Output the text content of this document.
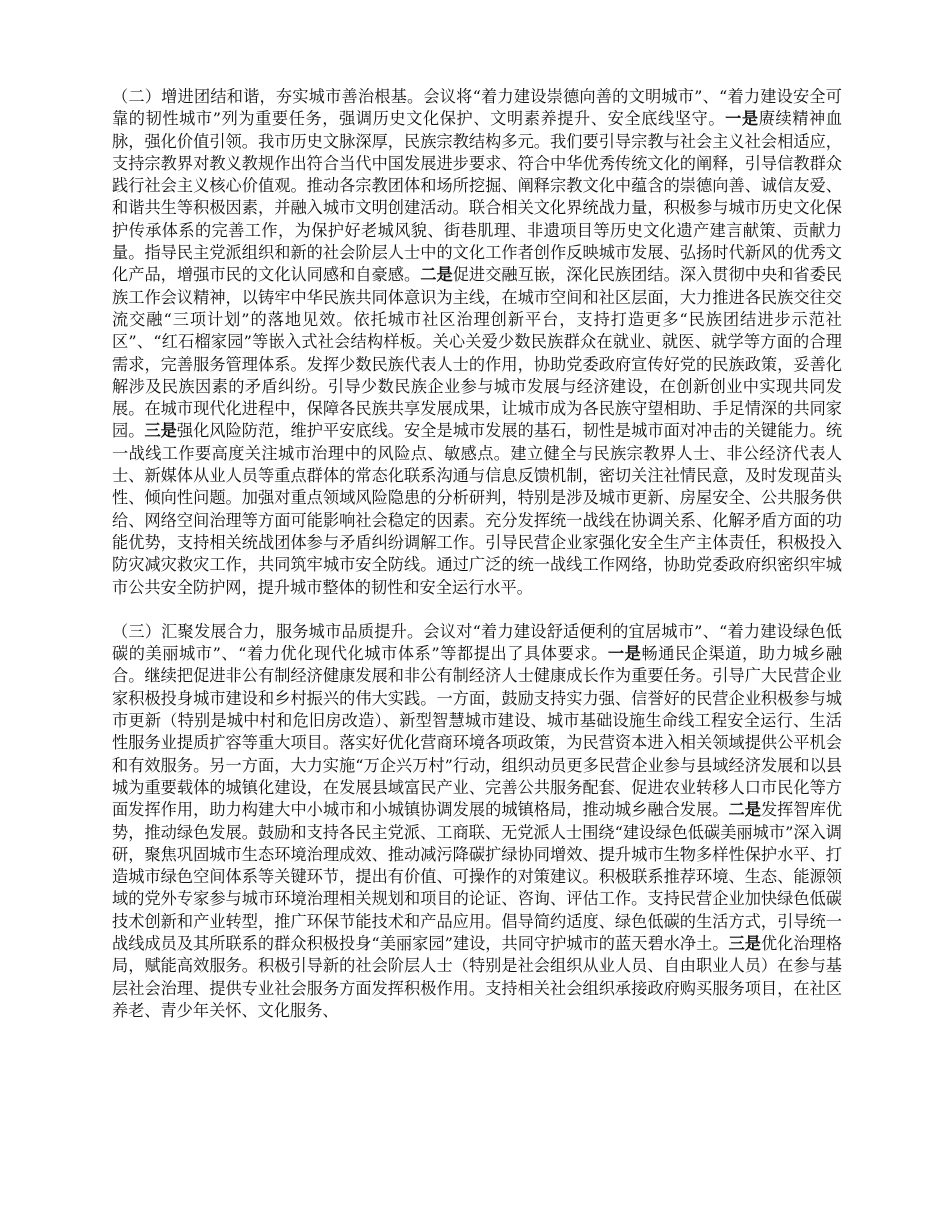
（二）增进团结和谐，夯实城市善治根基。会议将“着力建设崇德向善的文明城市”、“着力建设安全可靠的韧性城市”列为重要任务，强调历史文化保护、文明素养提升、安全底线坚守。一是赓续精神血脉，强化价值引领。我市历史文脉深厚，民族宗教结构多元。我们要引导宗教与社会主义社会相适应，支持宗教界对教义教规作出符合当代中国发展进步要求、符合中华优秀传统文化的阐释，引导信教群众践行社会主义核心价值观。推动各宗教团体和场所挖掘、阐释宗教文化中蕴含的崇德向善、诚信友爱、和谐共生等积极因素，并融入城市文明创建活动。联合相关文化界统战力量，积极参与城市历史文化保护传承体系的完善工作，为保护好老城风貌、街巷肌理、非遗项目等历史文化遗产建言献策、贡献力量。指导民主党派组织和新的社会阶层人士中的文化工作者创作反映城市发展、弘扬时代新风的优秀文化产品，增强市民的文化认同感和自豪感。二是促进交融互嵌，深化民族团结。深入贯彻中央和省委民族工作会议精神，以铸牢中华民族共同体意识为主线，在城市空间和社区层面，大力推进各民族交往交流交融“三项计划”的落地见效。依托城市社区治理创新平台，支持打造更多“民族团结进步示范社区”、“红石榴家园”等嵌入式社会结构样板。关心关爱少数民族群众在就业、就医、就学等方面的合理需求，完善服务管理体系。发挥少数民族代表人士的作用，协助党委政府宣传好党的民族政策，妥善化解涉及民族因素的矛盾纠纷。引导少数民族企业参与城市发展与经济建设，在创新创业中实现共同发展。在城市现代化进程中，保障各民族共享发展成果，让城市成为各民族守望相助、手足情深的共同家园。三是强化风险防范，维护平安底线。安全是城市发展的基石，韧性是城市面对冲击的关键能力。统一战线工作要高度关注城市治理中的风险点、敏感点。建立健全与民族宗教界人士、非公经济代表人士、新媒体从业人员等重点群体的常态化联系沟通与信息反馈机制，密切关注社情民意，及时发现苗头性、倾向性问题。加强对重点领域风险隐患的分析研判，特别是涉及城市更新、房屋安全、公共服务供给、网络空间治理等方面可能影响社会稳定的因素。充分发挥统一战线在协调关系、化解矛盾方面的功能优势，支持相关统战团体参与矛盾纠纷调解工作。引导民营企业家强化安全生产主体责任，积极投入防灾减灾救灾工作，共同筑牢城市安全防线。通过广泛的统一战线工作网络，协助党委政府织密织牢城市公共安全防护网，提升城市整体的韧性和安全运行水平。

（三）汇聚发展合力，服务城市品质提升。会议对“着力建设舒适便利的宜居城市”、“着力建设绿色低碳的美丽城市”、“着力优化现代化城市体系”等都提出了具体要求。一是畅通民企渠道，助力城乡融合。继续把促进非公有制经济健康发展和非公有制经济人士健康成长作为重要任务。引导广大民营企业家积极投身城市建设和乡村振兴的伟大实践。一方面，鼓励支持实力强、信誉好的民营企业积极参与城市更新（特别是城中村和危旧房改造）、新型智慧城市建设、城市基础设施生命线工程安全运行、生活性服务业提质扩容等重大项目。落实好优化营商环境各项政策，为民营资本进入相关领域提供公平机会和有效服务。另一方面，大力实施“万企兴万村”行动，组织动员更多民营企业参与县域经济发展和以县城为重要载体的城镇化建设，在发展县域富民产业、完善公共服务配套、促进农业转移人口市民化等方面发挥作用，助力构建大中小城市和小城镇协调发展的城镇格局，推动城乡融合发展。二是发挥智库优势，推动绿色发展。鼓励和支持各民主党派、工商联、无党派人士围绕“建设绿色低碳美丽城市”深入调研，聚焦巩固城市生态环境治理成效、推动减污降碳扩绿协同增效、提升城市生物多样性保护水平、打造城市绿色空间体系等关键环节，提出有价值、可操作的对策建议。积极联系推荐环境、生态、能源领域的党外专家参与城市环境治理相关规划和项目的论证、咨询、评估工作。支持民营企业加快绿色低碳技术创新和产业转型，推广环保节能技术和产品应用。倡导简约适度、绿色低碳的生活方式，引导统一战线成员及其所联系的群众积极投身“美丽家园”建设，共同守护城市的蓝天碧水净土。三是优化治理格局，赋能高效服务。积极引导新的社会阶层人士（特别是社会组织从业人员、自由职业人员）在参与基层社会治理、提供专业社会服务方面发挥积极作用。支持相关社会组织承接政府购买服务项目，在社区养老、青少年关怀、文化服务、
